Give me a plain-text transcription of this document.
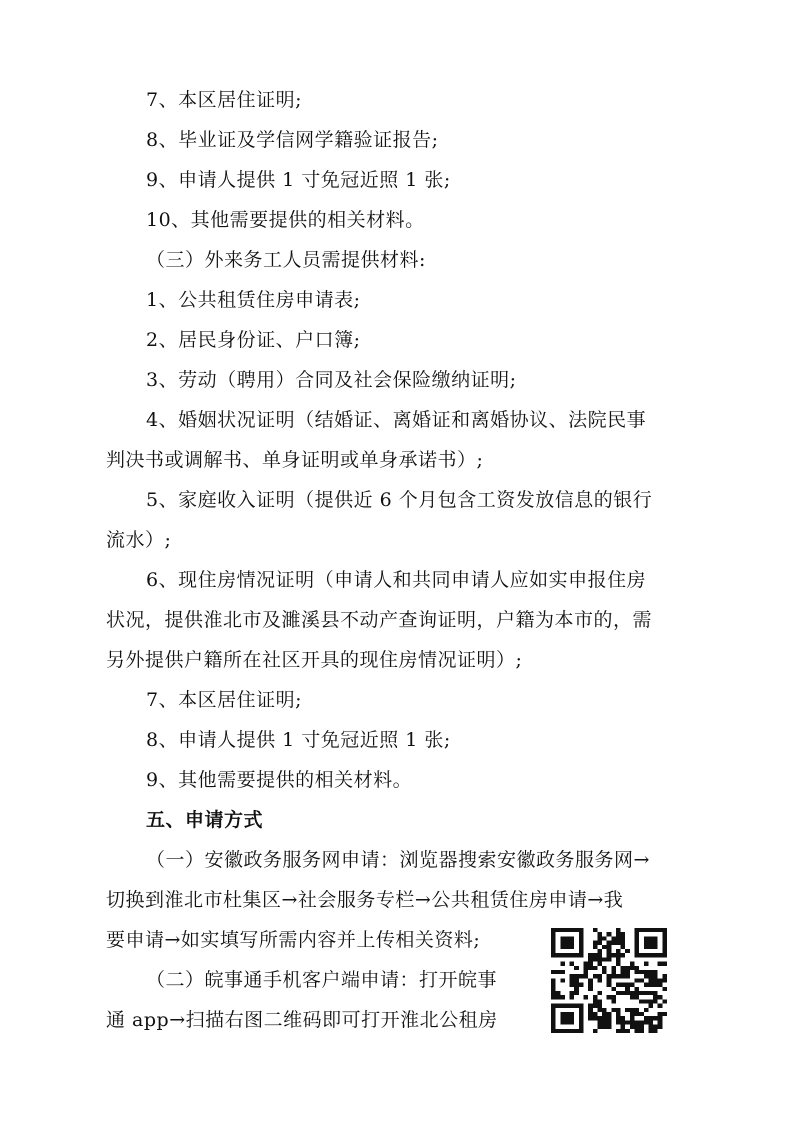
7、本区居住证明;
8、毕业证及学信网学籍验证报告;
9、申请人提供 1 寸免冠近照 1 张;
10、其他需要提供的相关材料。
（三）外来务工人员需提供材料:
1、公共租赁住房申请表;
2、居民身份证、户口簿;
3、劳动（聘用）合同及社会保险缴纳证明;
4、婚姻状况证明（结婚证、离婚证和离婚协议、法院民事
判决书或调解书、单身证明或单身承诺书）;
5、家庭收入证明（提供近 6 个月包含工资发放信息的银行
流水）;
6、现住房情况证明（申请人和共同申请人应如实申报住房
状况，提供淮北市及濉溪县不动产查询证明，户籍为本市的，需
另外提供户籍所在社区开具的现住房情况证明）;
7、本区居住证明;
8、申请人提供 1 寸免冠近照 1 张;
9、其他需要提供的相关材料。
五、申请方式
（一）安徽政务服务网申请：浏览器搜索安徽政务服务网→
切换到淮北市杜集区→社会服务专栏→公共租赁住房申请→我
要申请→如实填写所需内容并上传相关资料;
（二）皖事通手机客户端申请：打开皖事
通 app→扫描右图二维码即可打开淮北公租房
